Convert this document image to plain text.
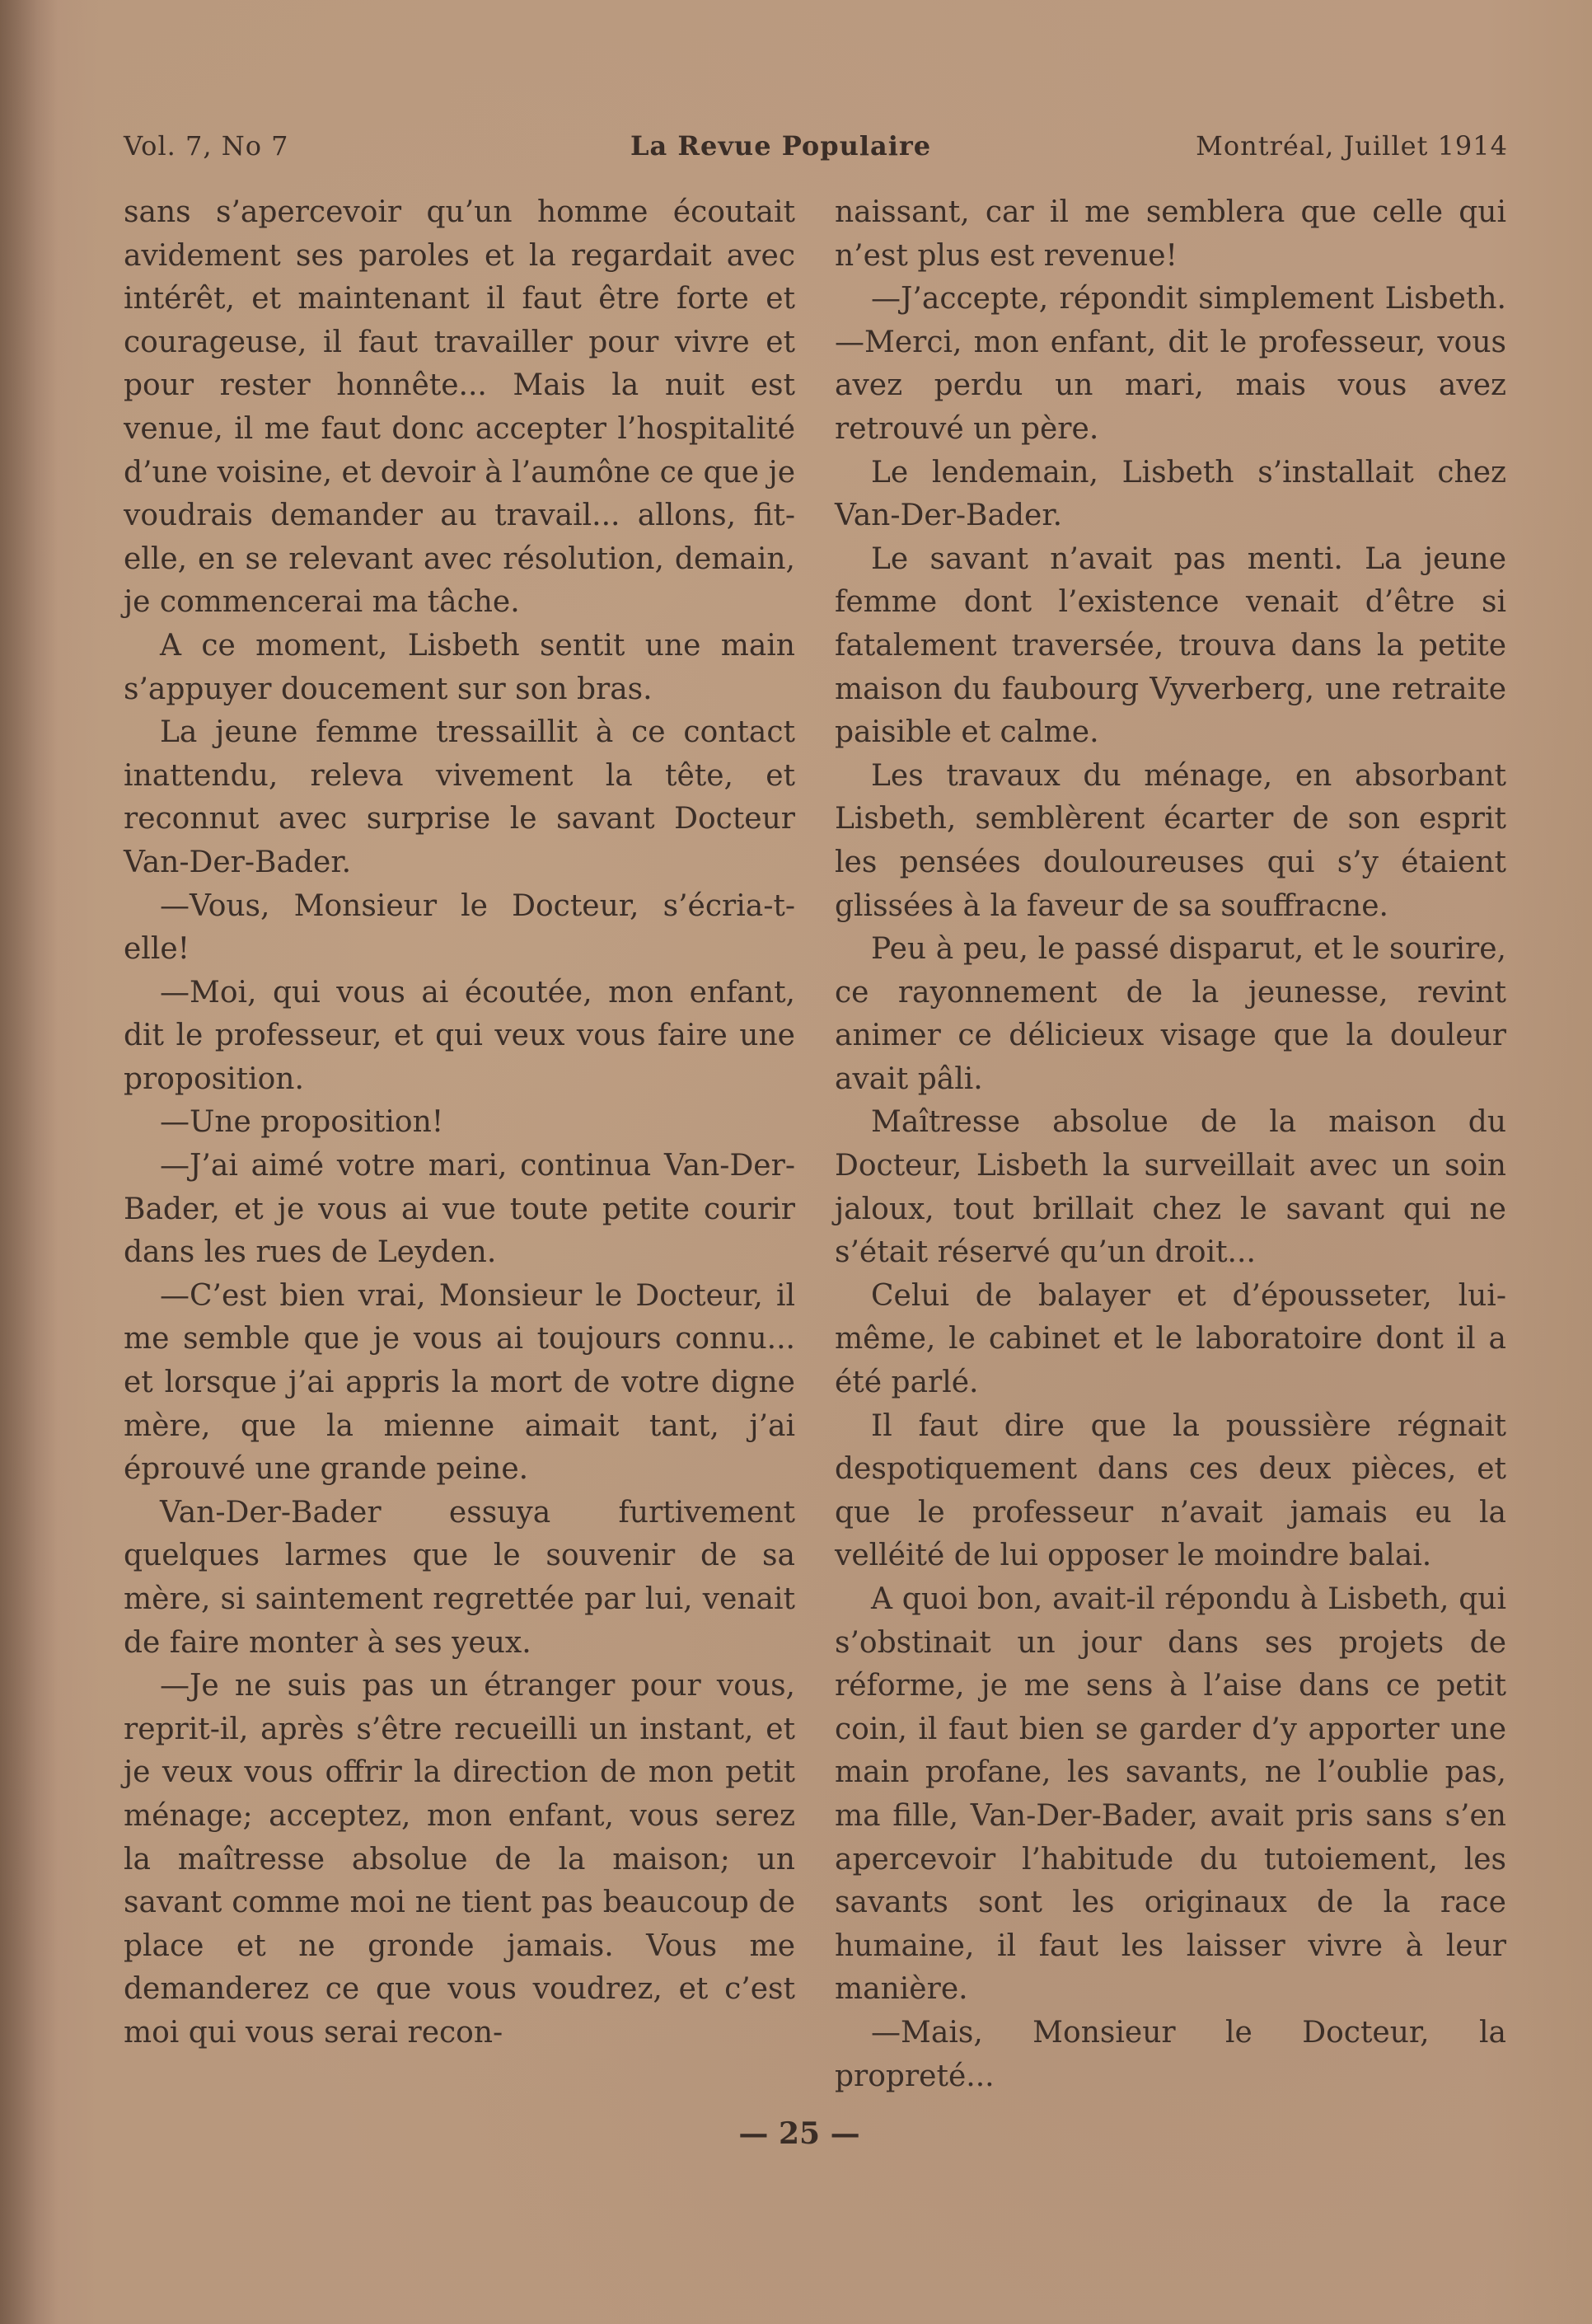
Vol. 7, No 7	La Revue Populaire	Montréal, Juillet 1914

sans s’apercevoir qu’un homme écoutait avidement ses paroles et la regardait avec intérêt, et maintenant il faut être forte et courageuse, il faut travailler pour vivre et pour rester honnête... Mais la nuit est venue, il me faut donc accepter l’hospitalité d’une voisine, et devoir à l’aumône ce que je voudrais demander au travail... allons, fit-elle, en se relevant avec résolution, demain, je commencerai ma tâche.

A ce moment, Lisbeth sentit une main s’appuyer doucement sur son bras.

La jeune femme tressaillit à ce contact inattendu, releva vivement la tête, et reconnut avec surprise le savant Docteur Van-Der-Bader.

—Vous, Monsieur le Docteur, s’écria-t-elle!

—Moi, qui vous ai écoutée, mon enfant, dit le professeur, et qui veux vous faire une proposition.

—Une proposition!

—J’ai aimé votre mari, continua Van-Der-Bader, et je vous ai vue toute petite courir dans les rues de Leyden.

—C’est bien vrai, Monsieur le Docteur, il me semble que je vous ai toujours connu... et lorsque j’ai appris la mort de votre digne mère, que la mienne aimait tant, j’ai éprouvé une grande peine.

Van-Der-Bader essuya furtivement quelques larmes que le souvenir de sa mère, si saintement regrettée par lui, venait de faire monter à ses yeux.

—Je ne suis pas un étranger pour vous, reprit-il, après s’être recueilli un instant, et je veux vous offrir la direction de mon petit ménage; acceptez, mon enfant, vous serez la maîtresse absolue de la maison; un savant comme moi ne tient pas beaucoup de place et ne gronde jamais. Vous me demanderez ce que vous voudrez, et c’est moi qui vous serai recon-

naissant, car il me semblera que celle qui n’est plus est revenue!

—J’accepte, répondit simplement Lisbeth.—Merci, mon enfant, dit le professeur, vous avez perdu un mari, mais vous avez retrouvé un père.

Le lendemain, Lisbeth s’installait chez Van-Der-Bader.

Le savant n’avait pas menti. La jeune femme dont l’existence venait d’être si fatalement traversée, trouva dans la petite maison du faubourg Vyverberg, une retraite paisible et calme.

Les travaux du ménage, en absorbant Lisbeth, semblèrent écarter de son esprit les pensées douloureuses qui s’y étaient glissées à la faveur de sa souffracne.

Peu à peu, le passé disparut, et le sourire, ce rayonnement de la jeunesse, revint animer ce délicieux visage que la douleur avait pâli.

Maîtresse absolue de la maison du Docteur, Lisbeth la surveillait avec un soin jaloux, tout brillait chez le savant qui ne s’était réservé qu’un droit...

Celui de balayer et d’épousseter, lui-même, le cabinet et le laboratoire dont il a été parlé.

Il faut dire que la poussière régnait despotiquement dans ces deux pièces, et que le professeur n’avait jamais eu la velléité de lui opposer le moindre balai.

A quoi bon, avait-il répondu à Lisbeth, qui s’obstinait un jour dans ses projets de réforme, je me sens à l’aise dans ce petit coin, il faut bien se garder d’y apporter une main profane, les savants, ne l’oublie pas, ma fille, Van-Der-Bader, avait pris sans s’en apercevoir l’habitude du tutoiement, les savants sont les originaux de la race humaine, il faut les laisser vivre à leur manière.

—Mais, Monsieur le Docteur, la propreté...

— 25 —
